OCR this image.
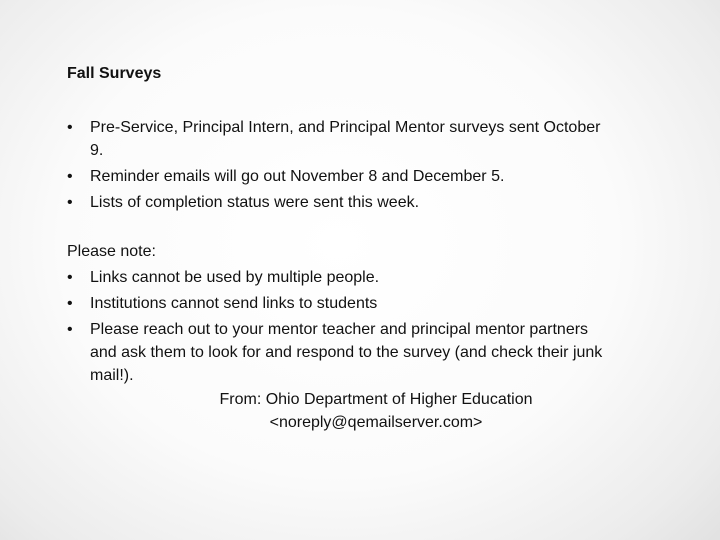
Fall Surveys
•	Pre-Service, Principal Intern, and Principal Mentor surveys sent October 9.
•	Reminder emails will go out November 8 and December 5.
•	Lists of completion status were sent this week.
Please note:
•	Links cannot be used by multiple people.
•	Institutions cannot send links to students
•	Please reach out to your mentor teacher and principal mentor partners and ask them to look for and respond to the survey (and check their junk mail!).
From: Ohio Department of Higher Education
<noreply@qemailserver.com>
